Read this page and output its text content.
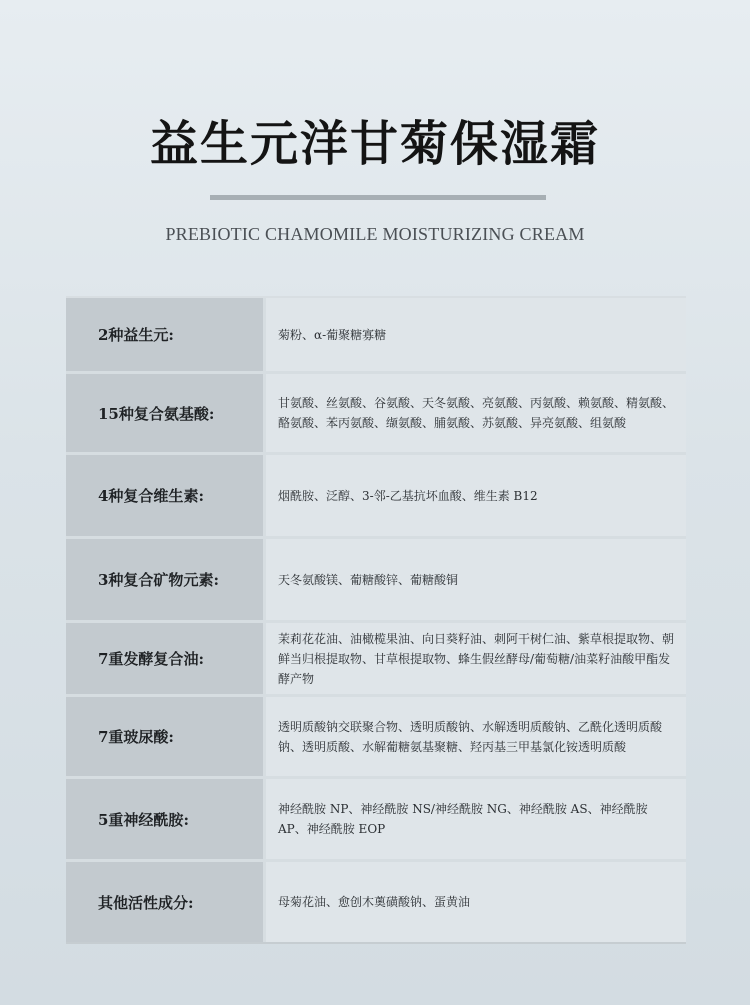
益生元洋甘菊保湿霜
PREBIOTIC CHAMOMILE MOISTURIZING CREAM
2种益生元:	菊粉、α-葡聚糖寡糖
15种复合氨基酸:
甘氨酸、丝氨酸、谷氨酸、天冬氨酸、亮氨酸、丙氨酸、赖氨酸、精氨酸、酪氨酸、苯丙氨酸、缬氨酸、脯氨酸、苏氨酸、异亮氨酸、组氨酸
4种复合维生素:	烟酰胺、泛醇、3-邻-乙基抗坏血酸、维生素 B12
3种复合矿物元素:	天冬氨酸镁、葡糖酸锌、葡糖酸铜
7重发酵复合油:
茉莉花花油、油橄榄果油、向日葵籽油、刺阿干树仁油、紫草根提取物、朝鲜当归根提取物、甘草根提取物、蜂生假丝酵母/葡萄糖/油菜籽油酸甲酯发酵产物
7重玻尿酸:
透明质酸钠交联聚合物、透明质酸钠、水解透明质酸钠、乙酰化透明质酸钠、透明质酸、水解葡糖氨基聚糖、羟丙基三甲基氯化铵透明质酸
5重神经酰胺:
神经酰胺 NP、神经酰胺 NS/神经酰胺 NG、神经酰胺 AS、神经酰胺 AP、神经酰胺 EOP
其他活性成分:	母菊花油、愈创木薁磺酸钠、蛋黄油
